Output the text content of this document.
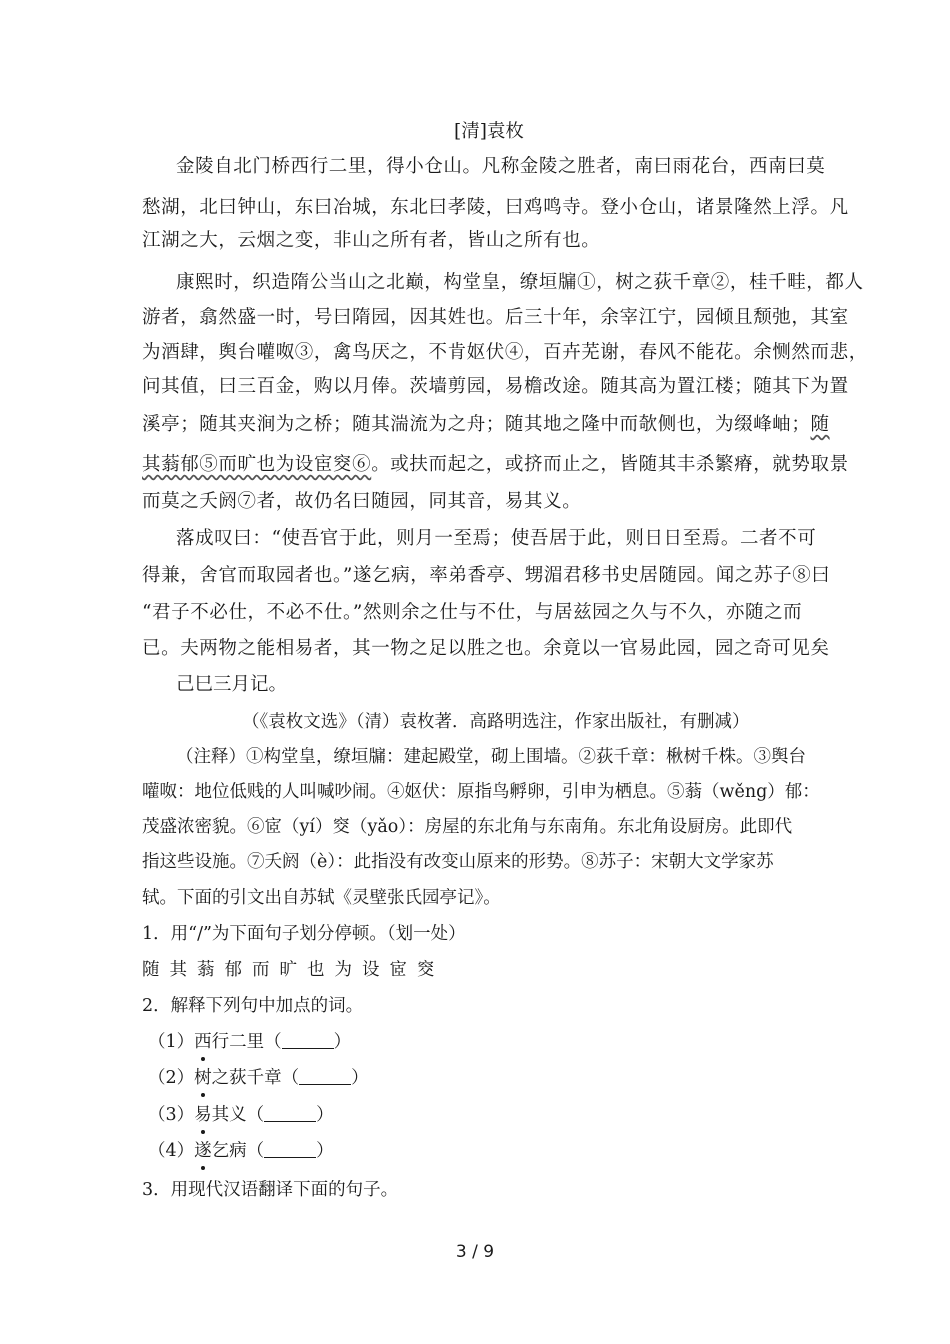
[清]袁枚
金陵自北门桥西行二里，得小仓山。凡称金陵之胜者，南曰雨花台，西南曰莫
愁湖，北曰钟山，东曰冶城，东北曰孝陵，曰鸡鸣寺。登小仓山，诸景隆然上浮。凡
江湖之大，云烟之变，非山之所有者，皆山之所有也。
康熙时，织造隋公当山之北巅，构堂皇，缭垣牖①，树之荻千章②，桂千畦，都人
游者，翕然盛一时，号曰隋园，因其姓也。后三十年，余宰江宁，园倾且颓弛，其室
为酒肆，舆台嚾呶③，禽鸟厌之，不肯妪伏④，百卉芜谢，春风不能花。余恻然而悲，
问其值，曰三百金，购以月俸。茨墙剪园，易檐改途。随其高为置江楼；随其下为置
溪亭；随其夹涧为之桥；随其湍流为之舟；随其地之隆中而欹侧也，为缀峰岫；随
其蓊郁⑤而旷也为设宦窔⑥。或扶而起之，或挤而止之，皆随其丰杀繁瘠，就势取景
而莫之夭阏⑦者，故仍名曰随园，同其音，易其义。
落成叹曰：“使吾官于此，则月一至焉；使吾居于此，则日日至焉。二者不可
得兼，舍官而取园者也。”遂乞病，率弟香亭、甥湄君移书史居随园。闻之苏子⑧曰
“君子不必仕，不必不仕。”然则余之仕与不仕，与居兹园之久与不久，亦随之而
已。夫两物之能相易者，其一物之足以胜之也。余竟以一官易此园，园之奇可见矣
己巳三月记。
（《袁枚文选》（清）袁枚著．高路明选注，作家出版社，有删减）
（注释）①构堂皇，缭垣牖：建起殿堂，砌上围墙。②荻千章：楸树千株。③舆台
嚾呶：地位低贱的人叫喊吵闹。④妪伏：原指鸟孵卵，引申为栖息。⑤蓊（wěng）郁：
茂盛浓密貌。⑥宧（yí）窔（yǎo）：房屋的东北角与东南角。东北角设厨房。此即代
指这些设施。⑦夭阏（è）：此指没有改变山原来的形势。⑧苏子：宋朝大文学家苏
轼。下面的引文出自苏轼《灵壁张氏园亭记》。
1．用“/”为下面句子划分停顿。（划一处）
随其蓊郁而旷也为设宧窔
2．解释下列句中加点的词。
（1）西行二里（	）
（2）树之荻千章（	）
（3）易其义（	）
（4）遂乞病（	）
3．用现代汉语翻译下面的句子。
3 / 9
